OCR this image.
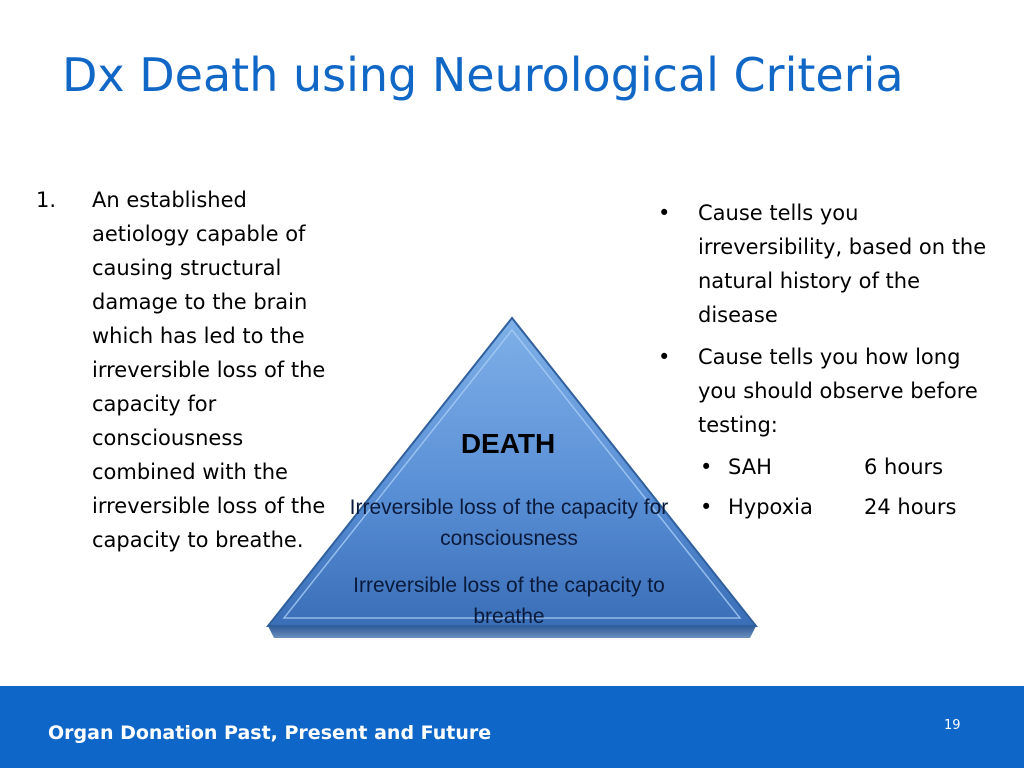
Dx Death using Neurological Criteria
1. An established aetiology capable of causing structural damage to the brain which has led to the irreversible loss of the capacity for consciousness combined with the irreversible loss of the capacity to breathe.
DEATH
Irreversible loss of the capacity for consciousness
Irreversible loss of the capacity to breathe
• Cause tells you irreversibility, based on the natural history of the disease
• Cause tells you how long you should observe before testing:
• SAH	6 hours
• Hypoxia 24 hours
Organ Donation Past, Present and Future	19
